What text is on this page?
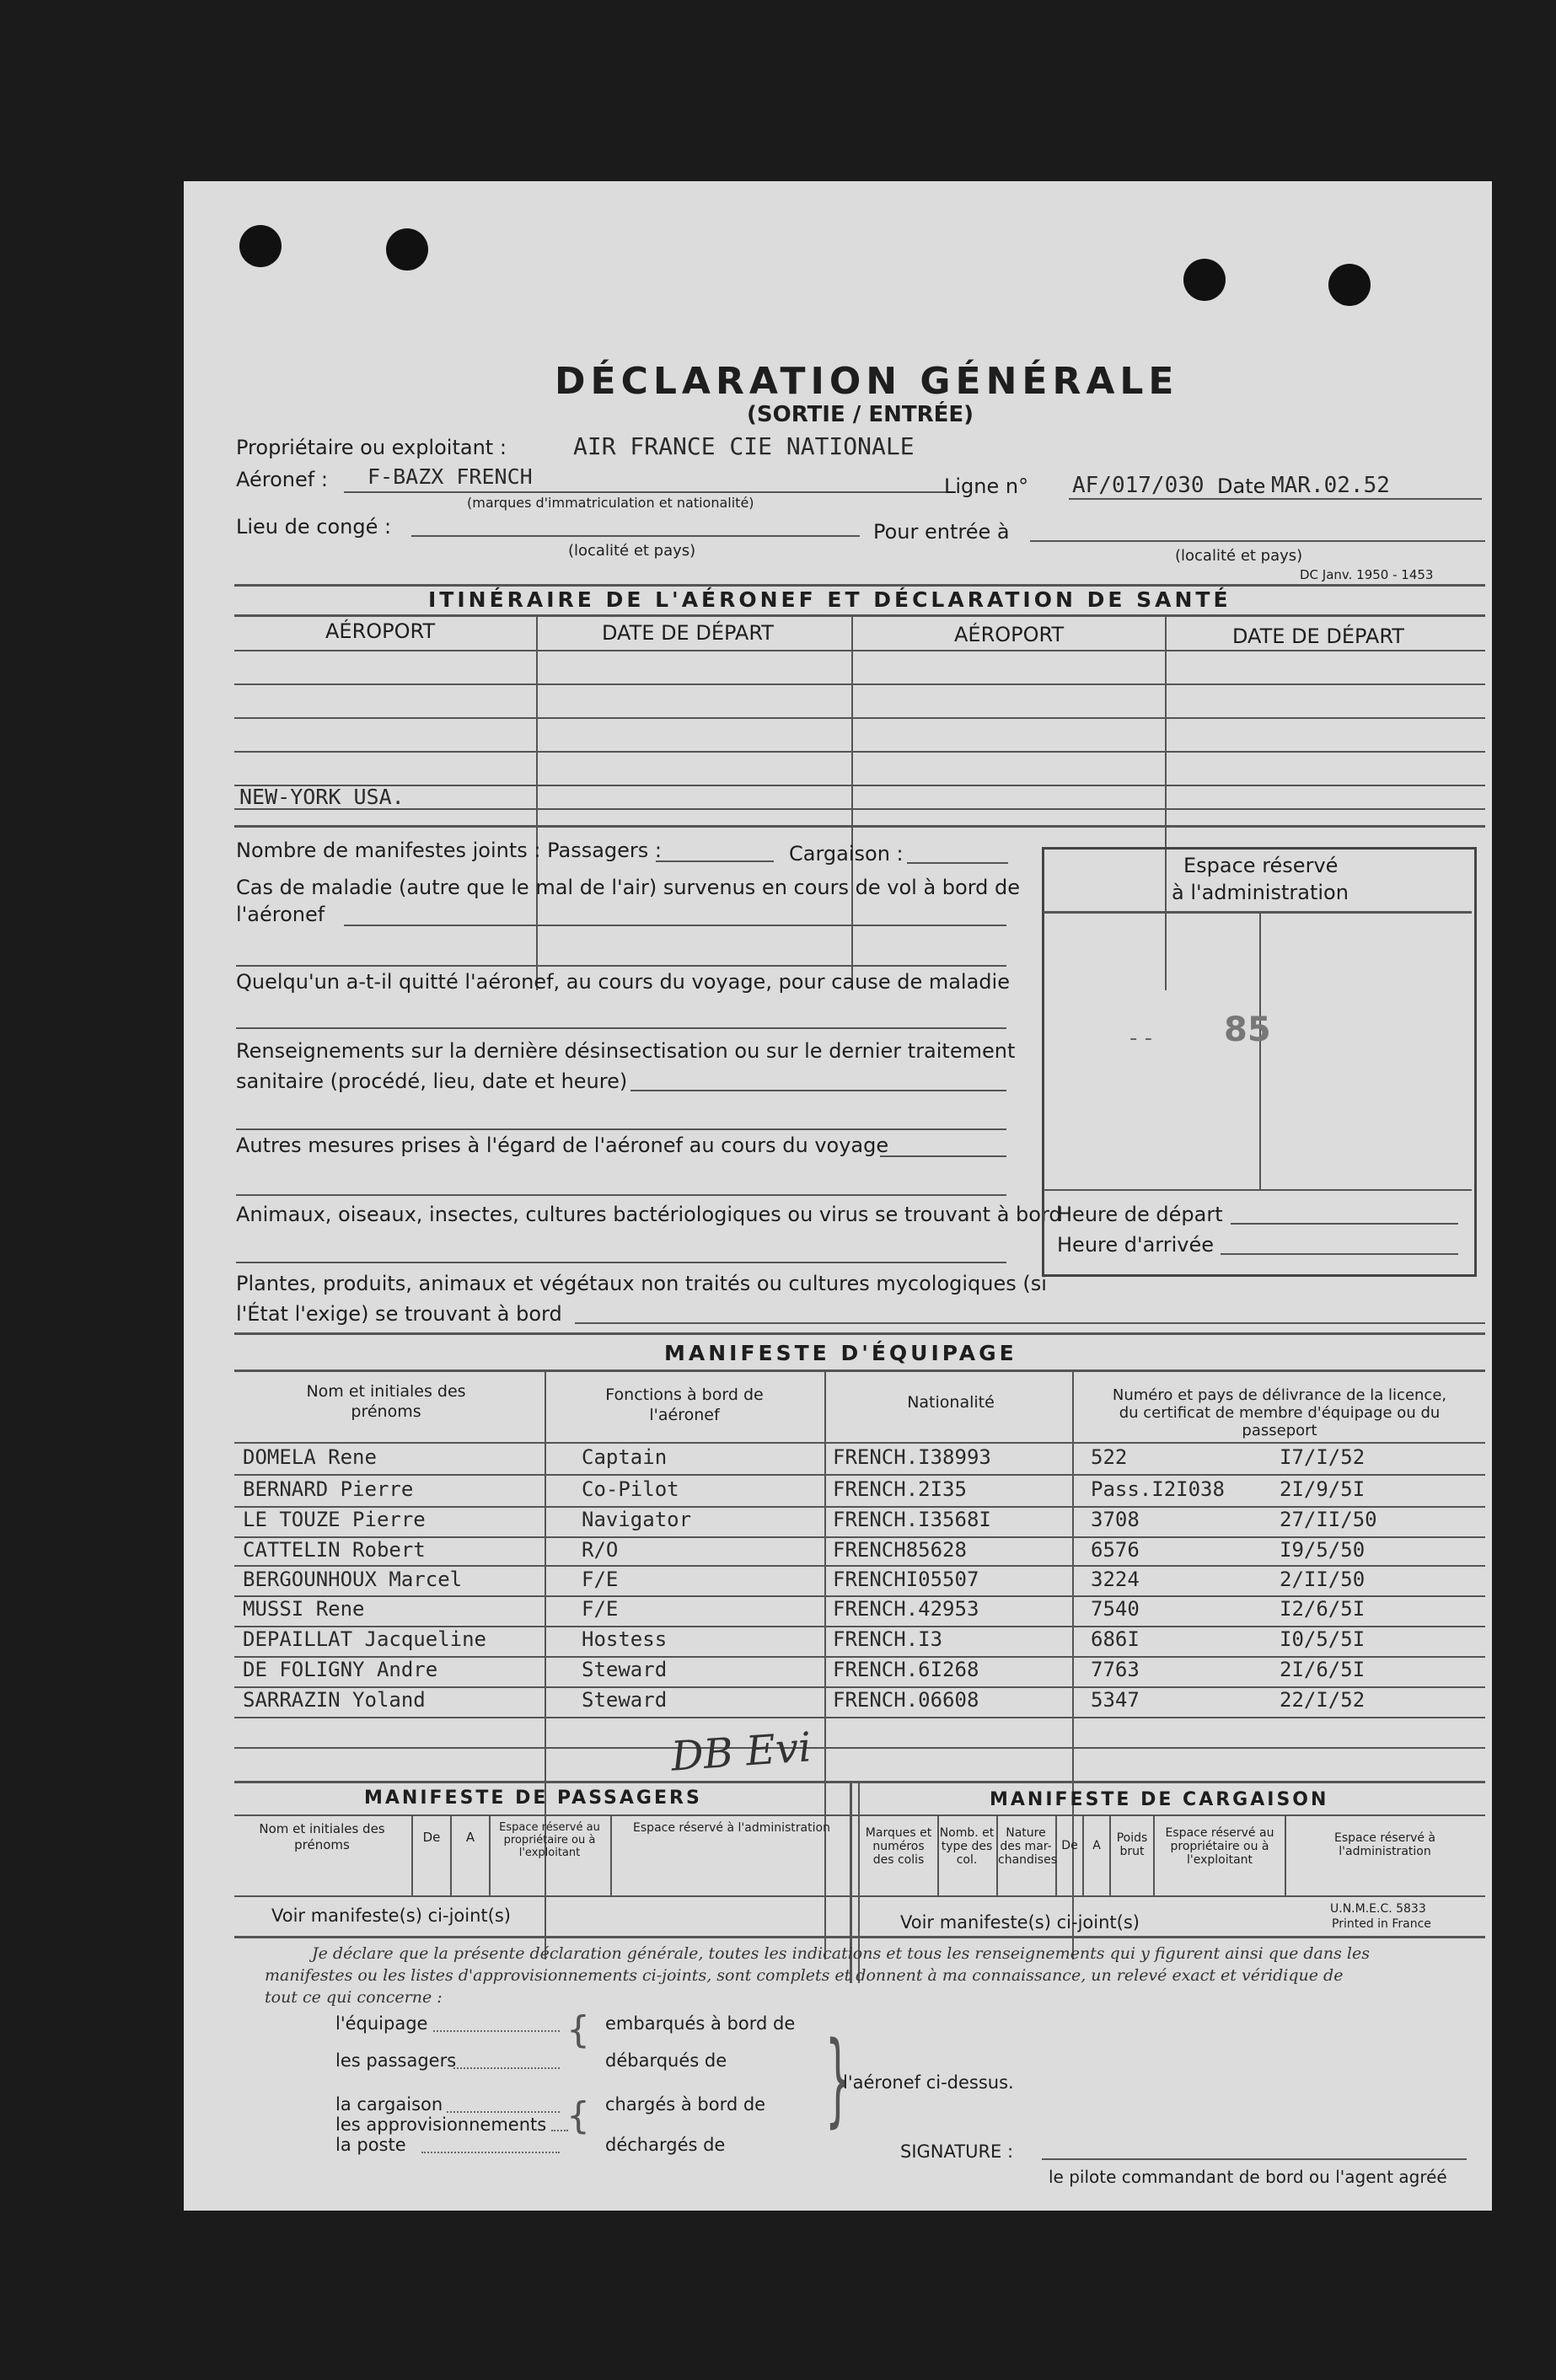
DÉCLARATION GÉNÉRALE
(SORTIE / ENTRÉE)
Propriétaire ou exploitant :	AIR FRANCE CIE NATIONALE
Aéronef : F-BAZX FRENCH
(marques d'immatriculation et nationalité)
Ligne n° AF/017/030 Date MAR.02.52
Lieu de congé :
(localité et pays)
Pour entrée à
(localité et pays)
DC Janv. 1950 - 1453
ITINÉRAIRE DE L'AÉRONEF ET DÉCLARATION DE SANTÉ
AÉROPORT	DATE DE DÉPART	AÉROPORT	DATE DE DÉPART
NEW-YORK USA.
Nombre de manifestes joints : Passagers :	Cargaison :
Cas de maladie (autre que le mal de l'air) survenus en cours de vol à bord de
l'aéronef
Quelqu'un a-t-il quitté l'aéronef, au cours du voyage, pour cause de maladie
Renseignements sur la dernière désinsectisation ou sur le dernier traitement
sanitaire (procédé, lieu, date et heure)
Autres mesures prises à l'égard de l'aéronef au cours du voyage
Animaux, oiseaux, insectes, cultures bactériologiques ou virus se trouvant à bord
Plantes, produits, animaux et végétaux non traités ou cultures mycologiques (si
l'État l'exige) se trouvant à bord
Espace réservé
à l'administration
- - 85
Heure de départ
Heure d'arrivée
MANIFESTE D'ÉQUIPAGE
Nom et initiales des prénoms
Fonctions à bord de l'aéronef
Nationalité	Numéro et pays de délivrance de la licence, du certificat de membre d'équipage ou du passeport
DOMELA Rene	Captain	FRENCH.I38993	522	I7/I/52
BERNARD Pierre	Co-Pilot	FRENCH.2I35	Pass.I2I038	2I/9/5I
LE TOUZE Pierre	Navigator	FRENCH.I3568I	3708	27/II/50
CATTELIN Robert	R/O	FRENCH85628	6576	I9/5/50
BERGOUNHOUX Marcel	F/E	FRENCHI05507	3224	2/II/50
MUSSI Rene	F/E	FRENCH.42953	7540	I2/6/5I
DEPAILLAT Jacqueline	Hostess	FRENCH.I3	686I	I0/5/5I
DE FOLIGNY Andre	Steward	FRENCH.6I268	7763	2I/6/5I
SARRAZIN Yoland	Steward	FRENCH.06608	5347	22/I/52
DB Evi
MANIFESTE DE PASSAGERS	MANIFESTE DE CARGAISON
Nom et initiales des prénoms	De	A
Espace réservé au propriétaire ou à l'exploitant
Espace réservé à l'administration	Marques et numéros des colis
Nomb. et type des col.
Nature des mar- chandises
De	A
Poids brut
Espace réservé au propriétaire ou à l'exploitant
Espace réservé à l'administration
Voir manifeste(s) ci-joint(s)	Voir manifeste(s) ci-joint(s)
U.N.M.E.C. 5833
Printed in France
Je déclare que la présente déclaration générale, toutes les indications et tous les renseignements qui y figurent ainsi que dans les
manifestes ou les listes d'approvisionnements ci-joints, sont complets et donnent à ma connaissance, un relevé exact et véridique de
tout ce qui concerne :
l'équipage
les passagers
la cargaison
les approvisionnements
la poste
{
{
embarqués à bord de
débarqués de
chargés à bord de
déchargés de
}
l'aéronef ci-dessus.
SIGNATURE :
le pilote commandant de bord ou l'agent agréé
